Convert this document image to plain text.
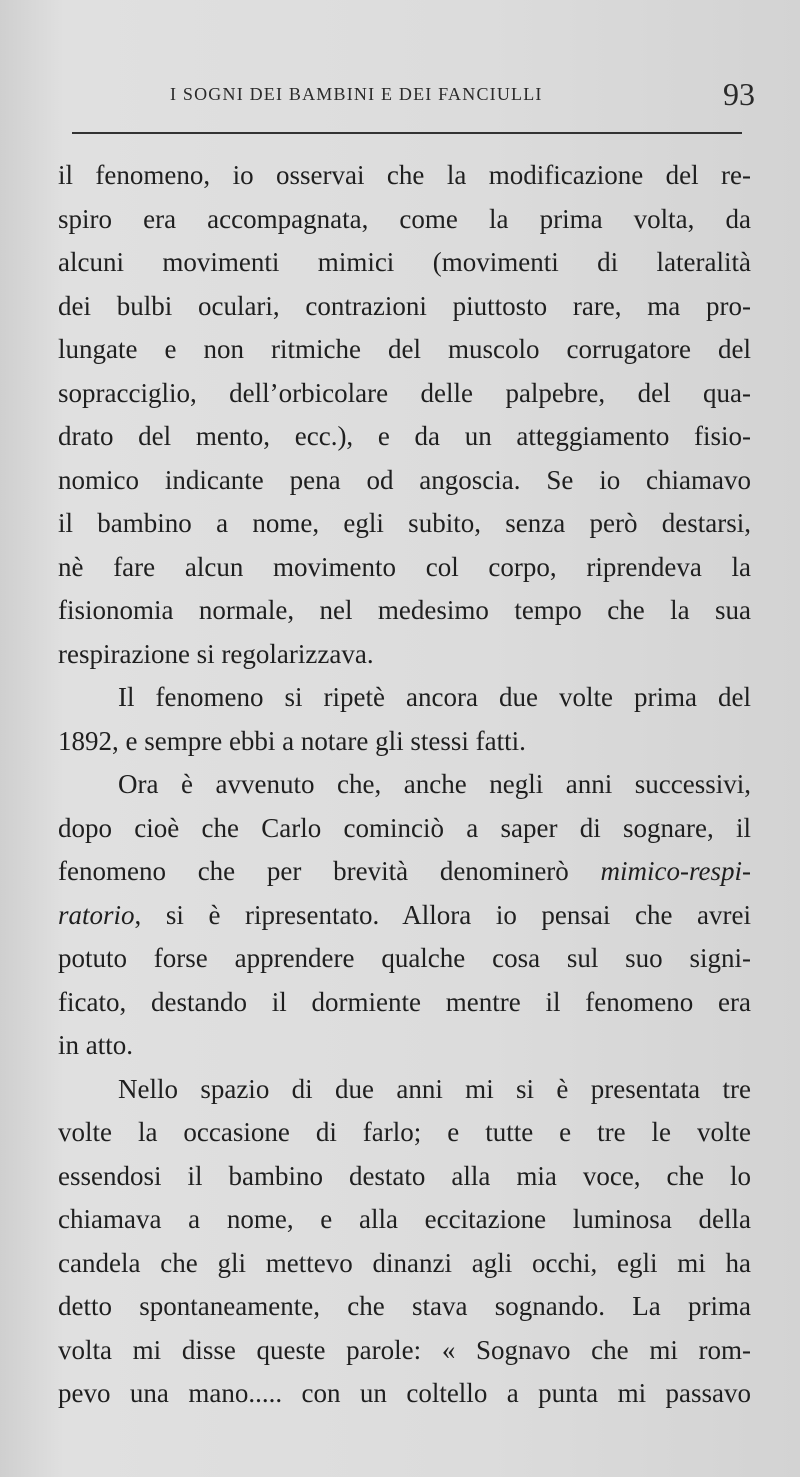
I SOGNI DEI BAMBINI E DEI FANCIULLI	93
il fenomeno, io osservai che la modificazione del re-
spiro era accompagnata, come la prima volta, da
alcuni movimenti mimici (movimenti di lateralità
dei bulbi oculari, contrazioni piuttosto rare, ma pro-
lungate e non ritmiche del muscolo corrugatore del
sopracciglio, dell’orbicolare delle palpebre, del qua-
drato del mento, ecc.), e da un atteggiamento fisio-
nomico indicante pena od angoscia. Se io chiamavo
il bambino a nome, egli subito, senza però destarsi,
nè fare alcun movimento col corpo, riprendeva la
fisionomia normale, nel medesimo tempo che la sua
respirazione si regolarizzava.
Il fenomeno si ripetè ancora due volte prima del
1892, e sempre ebbi a notare gli stessi fatti.
Ora è avvenuto che, anche negli anni successivi,
dopo cioè che Carlo cominciò a saper di sognare, il
fenomeno che per brevità denominerò mimico-respi-
ratorio, si è ripresentato. Allora io pensai che avrei
potuto forse apprendere qualche cosa sul suo signi-
ficato, destando il dormiente mentre il fenomeno era
in atto.
Nello spazio di due anni mi si è presentata tre
volte la occasione di farlo; e tutte e tre le volte
essendosi il bambino destato alla mia voce, che lo
chiamava a nome, e alla eccitazione luminosa della
candela che gli mettevo dinanzi agli occhi, egli mi ha
detto spontaneamente, che stava sognando. La prima
volta mi disse queste parole: « Sognavo che mi rom-
pevo una mano..... con un coltello a punta mi passavo
